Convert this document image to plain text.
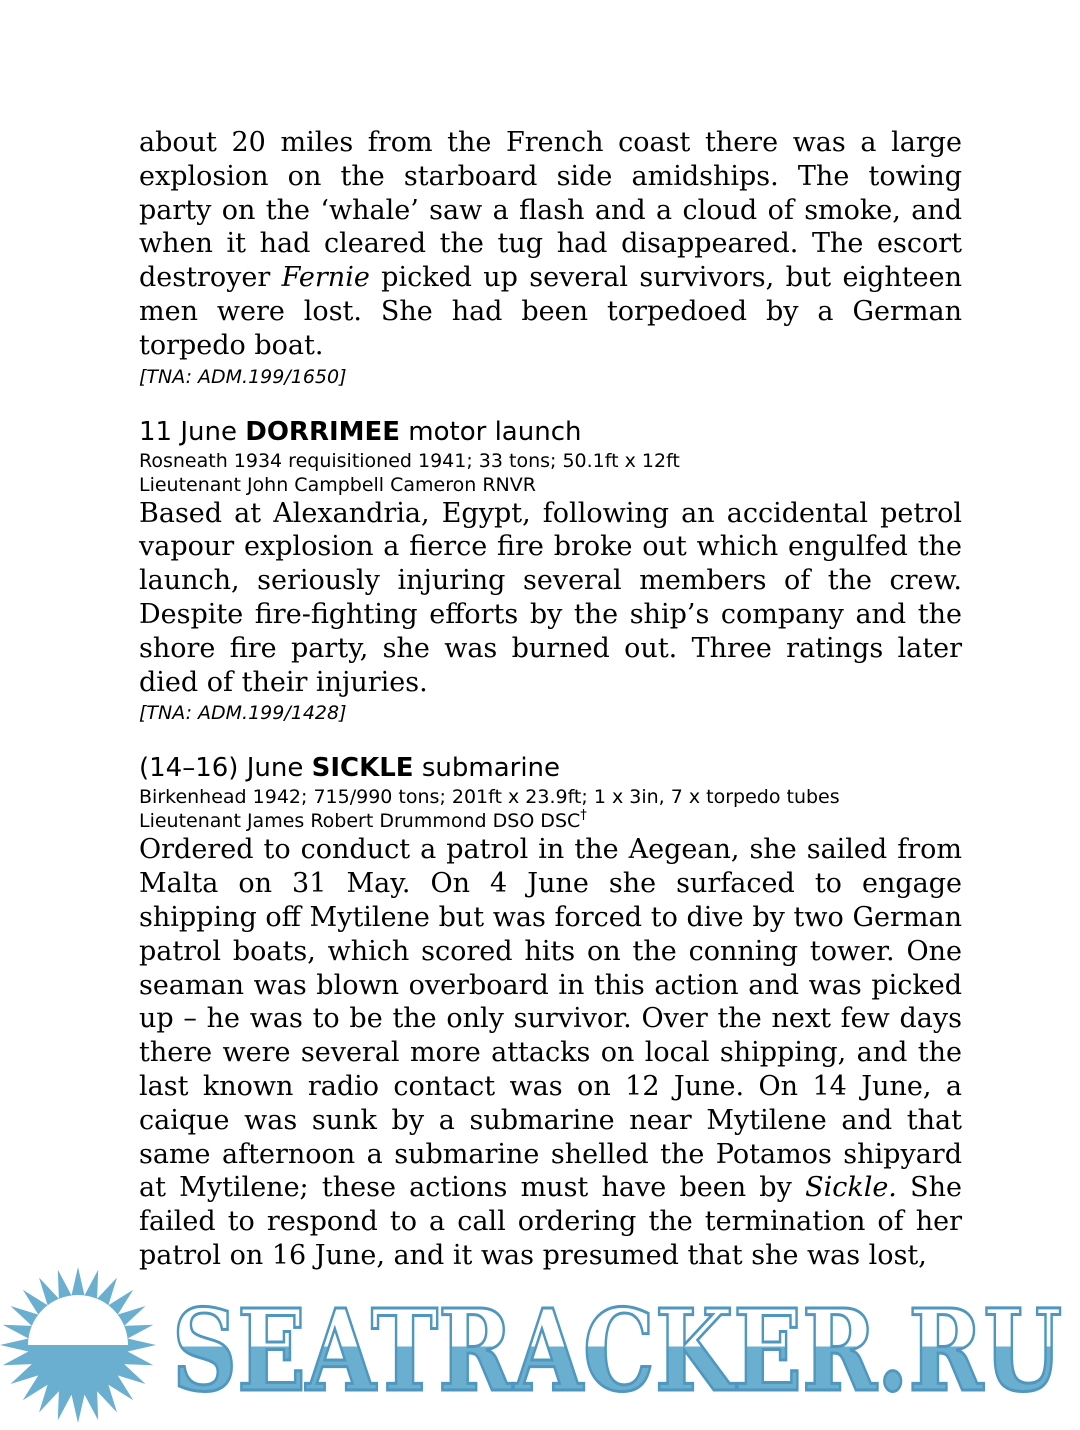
about 20 miles from the French coast there was a large explosion on the starboard side amidships. The towing party on the ‘whale’ saw a flash and a cloud of smoke, and when it had cleared the tug had disappeared. The escort destroyer Fernie picked up several survivors, but eighteen men were lost. She had been torpedoed by a German torpedo boat.

[TNA: ADM.199/1650]

11 June DORRIMEE motor launch

Rosneath 1934 requisitioned 1941; 33 tons; 50.1ft x 12ft

Lieutenant John Campbell Cameron RNVR

Based at Alexandria, Egypt, following an accidental petrol vapour explosion a fierce fire broke out which engulfed the launch, seriously injuring several members of the crew. Despite fire-fighting efforts by the ship’s company and the shore fire party, she was burned out. Three ratings later died of their injuries.

[TNA: ADM.199/1428]

(14–16) June SICKLE submarine

Birkenhead 1942; 715/990 tons; 201ft x 23.9ft; 1 x 3in, 7 x torpedo tubes

Lieutenant James Robert Drummond DSO DSC†

Ordered to conduct a patrol in the Aegean, she sailed from Malta on 31 May. On 4 June she surfaced to engage shipping off Mytilene but was forced to dive by two German patrol boats, which scored hits on the conning tower. One seaman was blown overboard in this action and was picked up – he was to be the only survivor. Over the next few days there were several more attacks on local shipping, and the last known radio contact was on 12 June. On 14 June, a caique was sunk by a submarine near Mytilene and that same afternoon a submarine shelled the Potamos shipyard at Mytilene; these actions must have been by Sickle. She failed to respond to a call ordering the termination of her patrol on 16 June, and it was presumed that she was lost,

SEATRACKER.RU
